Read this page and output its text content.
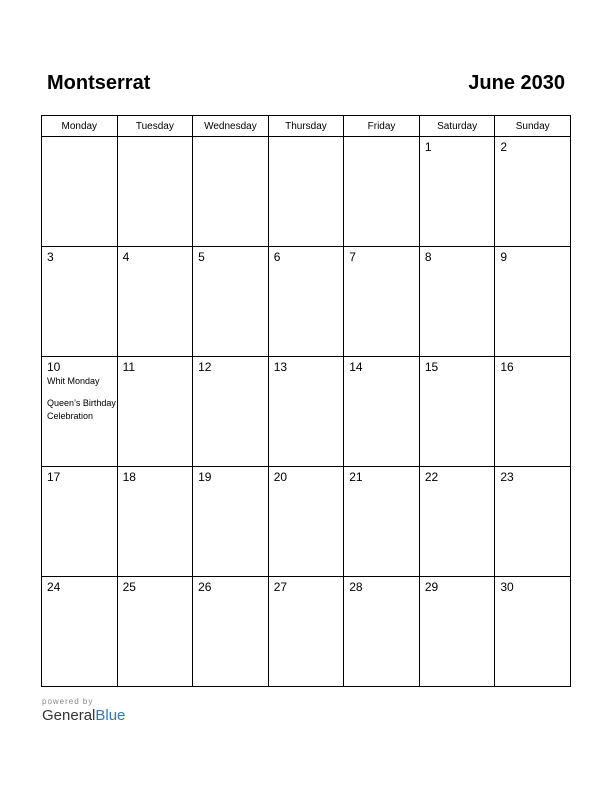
Montserrat	June 2030
Monday	Tuesday	Wednesday	Thursday	Friday	Saturday	Sunday

					1	2

3	4	5	6	7	8	9

10
Whit Monday
Queen’s Birthday Celebration	11	12	13	14	15	16

17	18	19	20	21	22	23

24	25	26	27	28	29	30
powered by
GeneralBlue
